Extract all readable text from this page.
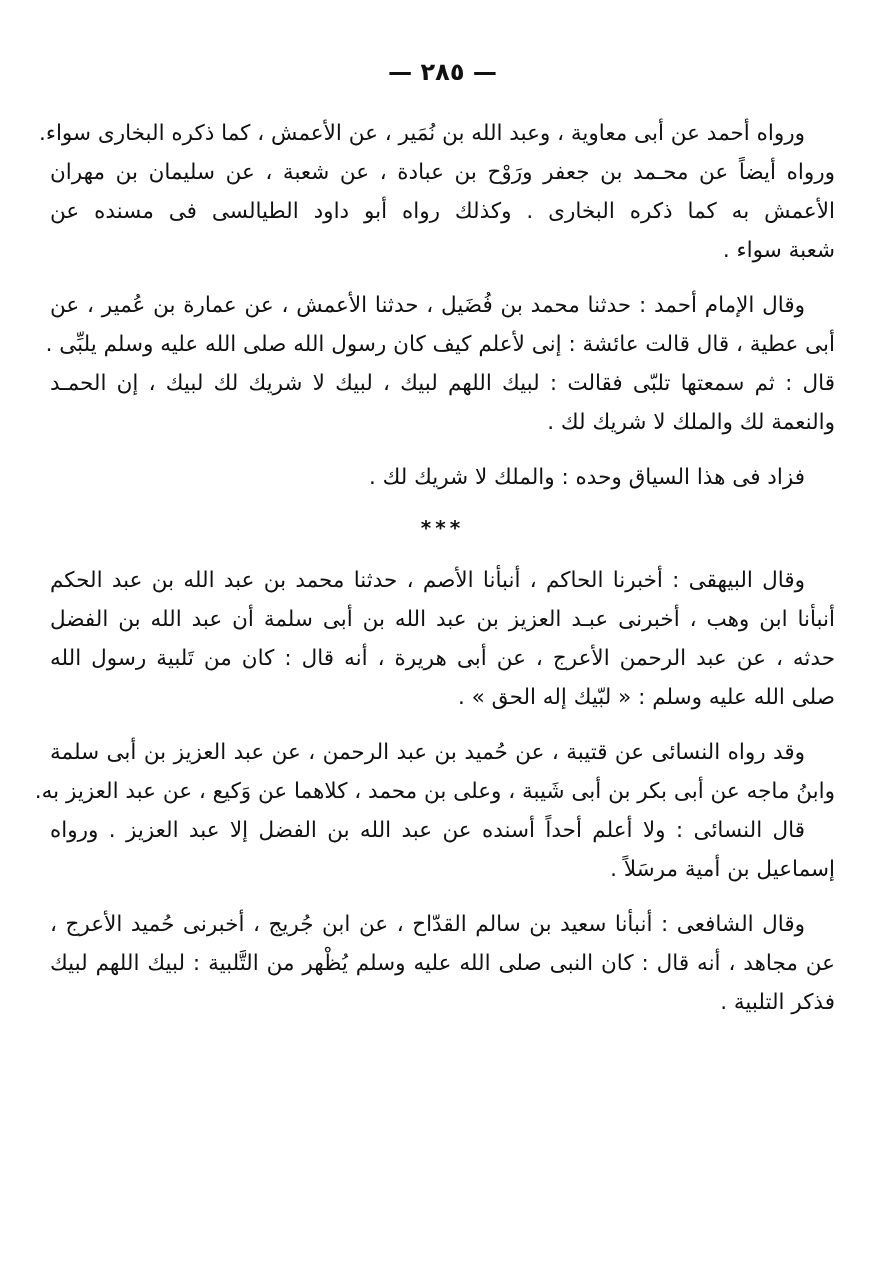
— ٢٨٥ —
ورواه أحمد عن أبى معاوية ، وعبد الله بن نُمَير ، عن الأعمش ، كما ذكره البخارى سواء.
ورواه أيضاً عن محـمد بن جعفر ورَوْح بن عبادة ، عن شعبة ، عن سليمان بن مهران
الأعمش به كما ذكره البخارى . وكذلك رواه أبو داود الطيالسى فى مسنده عن
شعبة سواء .
وقال الإمام أحمد : حدثنا محمد بن فُضَيل ، حدثنا الأعمش ، عن عمارة بن عُمير ، عن
أبى عطية ، قال قالت عائشة : إنى لأعلم كيف كان رسول الله صلى الله عليه وسلم يلبِّى .
قال : ثم سمعتها تلبّى فقالت : لبيك اللهم لبيك ، لبيك لا شريك لك لبيك ، إن الحمـد
والنعمة لك والملك لا شريك لك .
فزاد فى هذا السياق وحده : والملك لا شريك لك .
***
وقال البيهقى : أخبرنا الحاكم ، أنبأنا الأصم ، حدثنا محمد بن عبد الله بن عبد الحكم
أنبأنا ابن وهب ، أخبرنى عبـد العزيز بن عبد الله بن أبى سلمة أن عبد الله بن الفضل
حدثه ، عن عبد الرحمن الأعرج ، عن أبى هريرة ، أنه قال : كان من تَلبية رسول الله
صلى الله عليه وسلم : « لبّيك إله الحق » .
وقد رواه النسائى عن قتيبة ، عن حُميد بن عبد الرحمن ، عن عبد العزيز بن أبى سلمة
وابنُ ماجه عن أبى بكر بن أبى شَيبة ، وعلى بن محمد ، كلاهما عن وَكيع ، عن عبد العزيز به.
قال النسائى : ولا أعلم أحداً أسنده عن عبد الله بن الفضل إلا عبد العزيز . ورواه
إسماعيل بن أمية مرسَلاً .
وقال الشافعى : أنبأنا سعيد بن سالم القدّاح ، عن ابن جُريج ، أخبرنى حُميد الأعرج ،
عن مجاهد ، أنه قال : كان النبى صلى الله عليه وسلم يُظْهر من التَّلبية : لبيك اللهم لبيك
فذكر التلبية .
